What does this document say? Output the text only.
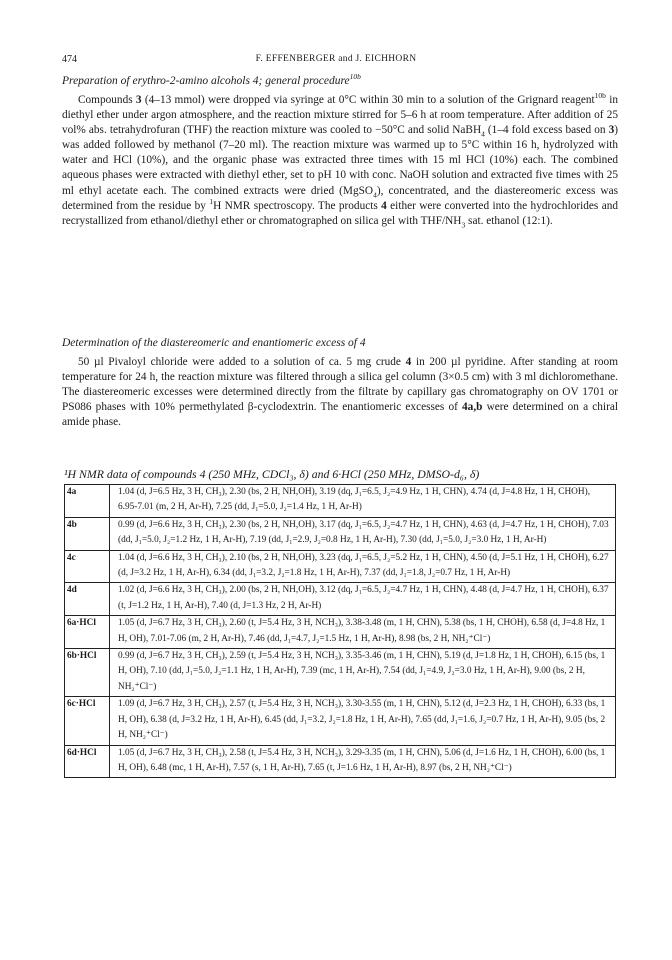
474	F. EFFENBERGER and J. EICHHORN
Preparation of erythro-2-amino alcohols 4; general procedure$^{10b}$

Compounds 3 (4–13 mmol) were dropped via syringe at 0°C within 30 min to a solution of the Grignard reagent$^{10b}$ in diethyl ether under argon atmosphere, and the reaction mixture stirred for 5–6 h at room temperature. After addition of 25 vol% abs. tetrahydrofuran (THF) the reaction mixture was cooled to −50°C and solid NaBH$_4$ (1–4 fold excess based on 3) was added followed by methanol (7–20 ml). The reaction mixture was warmed up to 5°C within 16 h, hydrolyzed with water and HCl (10%), and the organic phase was extracted three times with 15 ml HCl (10%) each. The combined aqueous phases were extracted with diethyl ether, set to pH 10 with conc. NaOH solution and extracted five times with 25 ml ethyl acetate each. The combined extracts were dried (MgSO$_4$), concentrated, and the diastereomeric excess was determined from the residue by $^1$H NMR spectroscopy. The products 4 either were converted into the hydrochlorides and recrystallized from ethanol/diethyl ether or chromatographed on silica gel with THF/$NH_3$ sat. ethanol (12:1).

Determination of the diastereomeric and enantiomeric excess of 4

50 µl Pivaloyl chloride were added to a solution of ca. 5 mg crude 4 in 200 µl pyridine. After standing at room temperature for 24 h, the reaction mixture was filtered through a silica gel column (3×0.5 cm) with 3 ml dichloromethane. The diastereomeric excesses were determined directly from the filtrate by capillary gas chromatography on OV 1701 or PS086 phases with 10% permethylated β-cyclodextrin. The enantiomeric excesses of 4a,b were determined on a chiral amide phase.

¹H NMR data of compounds 4 (250 MHz, CDCl₃, δ) and 6·HCl (250 MHz, DMSO-d₆, δ)
4a	1.04 (d, J=6.5 Hz, 3 H, CH₃), 2.30 (bs, 2 H, NH,OH), 3.19 (dq, J₁=6.5, J₂=4.9 Hz, 1 H, CHN), 4.74 (d, J=4.8 Hz, 1 H, CHOH), 6.95-7.01 (m, 2 H, Ar-H), 7.25 (dd, J₁=5.0, J₂=1.4 Hz, 1 H, Ar-H)
4b	0.99 (d, J=6.6 Hz, 3 H, CH₃), 2.30 (bs, 2 H, NH,OH), 3.17 (dq, J₁=6.5, J₂=4.7 Hz, 1 H, CHN), 4.63 (d, J=4.7 Hz, 1 H, CHOH), 7.03 (dd, J₁=5.0, J₂=1.2 Hz, 1 H, Ar-H), 7.19 (dd, J₁=2.9, J₂=0.8 Hz, 1 H, Ar-H), 7.30 (dd, J₁=5.0, J₂=3.0 Hz, 1 H, Ar-H)
4c	1.04 (d, J=6.6 Hz, 3 H, CH₃), 2.10 (bs, 2 H, NH,OH), 3.23 (dq, J₁=6.5, J₂=5.2 Hz, 1 H, CHN), 4.50 (d, J=5.1 Hz, 1 H, CHOH), 6.27 (d, J=3.2 Hz, 1 H, Ar-H), 6.34 (dd, J₁=3.2, J₂=1.8 Hz, 1 H, Ar-H), 7.37 (dd, J₁=1.8, J₂=0.7 Hz, 1 H, Ar-H)
4d	1.02 (d, J=6.6 Hz, 3 H, CH₃), 2.00 (bs, 2 H, NH,OH), 3.12 (dq, J₁=6.5, J₂=4.7 Hz, 1 H, CHN), 4.48 (d, J=4.7 Hz, 1 H, CHOH), 6.37 (t, J=1.2 Hz, 1 H, Ar-H), 7.40 (d, J=1.3 Hz, 2 H, Ar-H)
6a·HCl	1.05 (d, J=6.7 Hz, 3 H, CH₃), 2.60 (t, J=5.4 Hz, 3 H, NCH₃), 3.38-3.48 (m, 1 H, CHN), 5.38 (bs, 1 H, CHOH), 6.58 (d, J=4.8 Hz, 1 H, OH), 7.01-7.06 (m, 2 H, Ar-H), 7.46 (dd, J₁=4.7, J₂=1.5 Hz, 1 H, Ar-H), 8.98 (bs, 2 H, NH₂⁺Cl⁻)
6b·HCl	0.99 (d, J=6.7 Hz, 3 H, CH₃), 2.59 (t, J=5.4 Hz, 3 H, NCH₃), 3.35-3.46 (m, 1 H, CHN), 5.19 (d, J=1.8 Hz, 1 H, CHOH), 6.15 (bs, 1 H, OH), 7.10 (dd, J₁=5.0, J₂=1.1 Hz, 1 H, Ar-H), 7.39 (mc, 1 H, Ar-H), 7.54 (dd, J₁=4.9, J₂=3.0 Hz, 1 H, Ar-H), 9.00 (bs, 2 H, NH₂⁺Cl⁻)
6c·HCl	1.09 (d, J=6.7 Hz, 3 H, CH₃), 2.57 (t, J=5.4 Hz, 3 H, NCH₃), 3.30-3.55 (m, 1 H, CHN), 5.12 (d, J=2.3 Hz, 1 H, CHOH), 6.33 (bs, 1 H, OH), 6.38 (d, J=3.2 Hz, 1 H, Ar-H), 6.45 (dd, J₁=3.2, J₂=1.8 Hz, 1 H, Ar-H), 7.65 (dd, J₁=1.6, J₂=0.7 Hz, 1 H, Ar-H), 9.05 (bs, 2 H, NH₂⁺Cl⁻)
6d·HCl	1.05 (d, J=6.7 Hz, 3 H, CH₃), 2.58 (t, J=5.4 Hz, 3 H, NCH₃), 3.29-3.35 (m, 1 H, CHN), 5.06 (d, J=1.6 Hz, 1 H, CHOH), 6.00 (bs, 1 H, OH), 6.48 (mc, 1 H, Ar-H), 7.57 (s, 1 H, Ar-H), 7.65 (t, J=1.6 Hz, 1 H, Ar-H), 8.97 (bs, 2 H, NH₂⁺Cl⁻)
